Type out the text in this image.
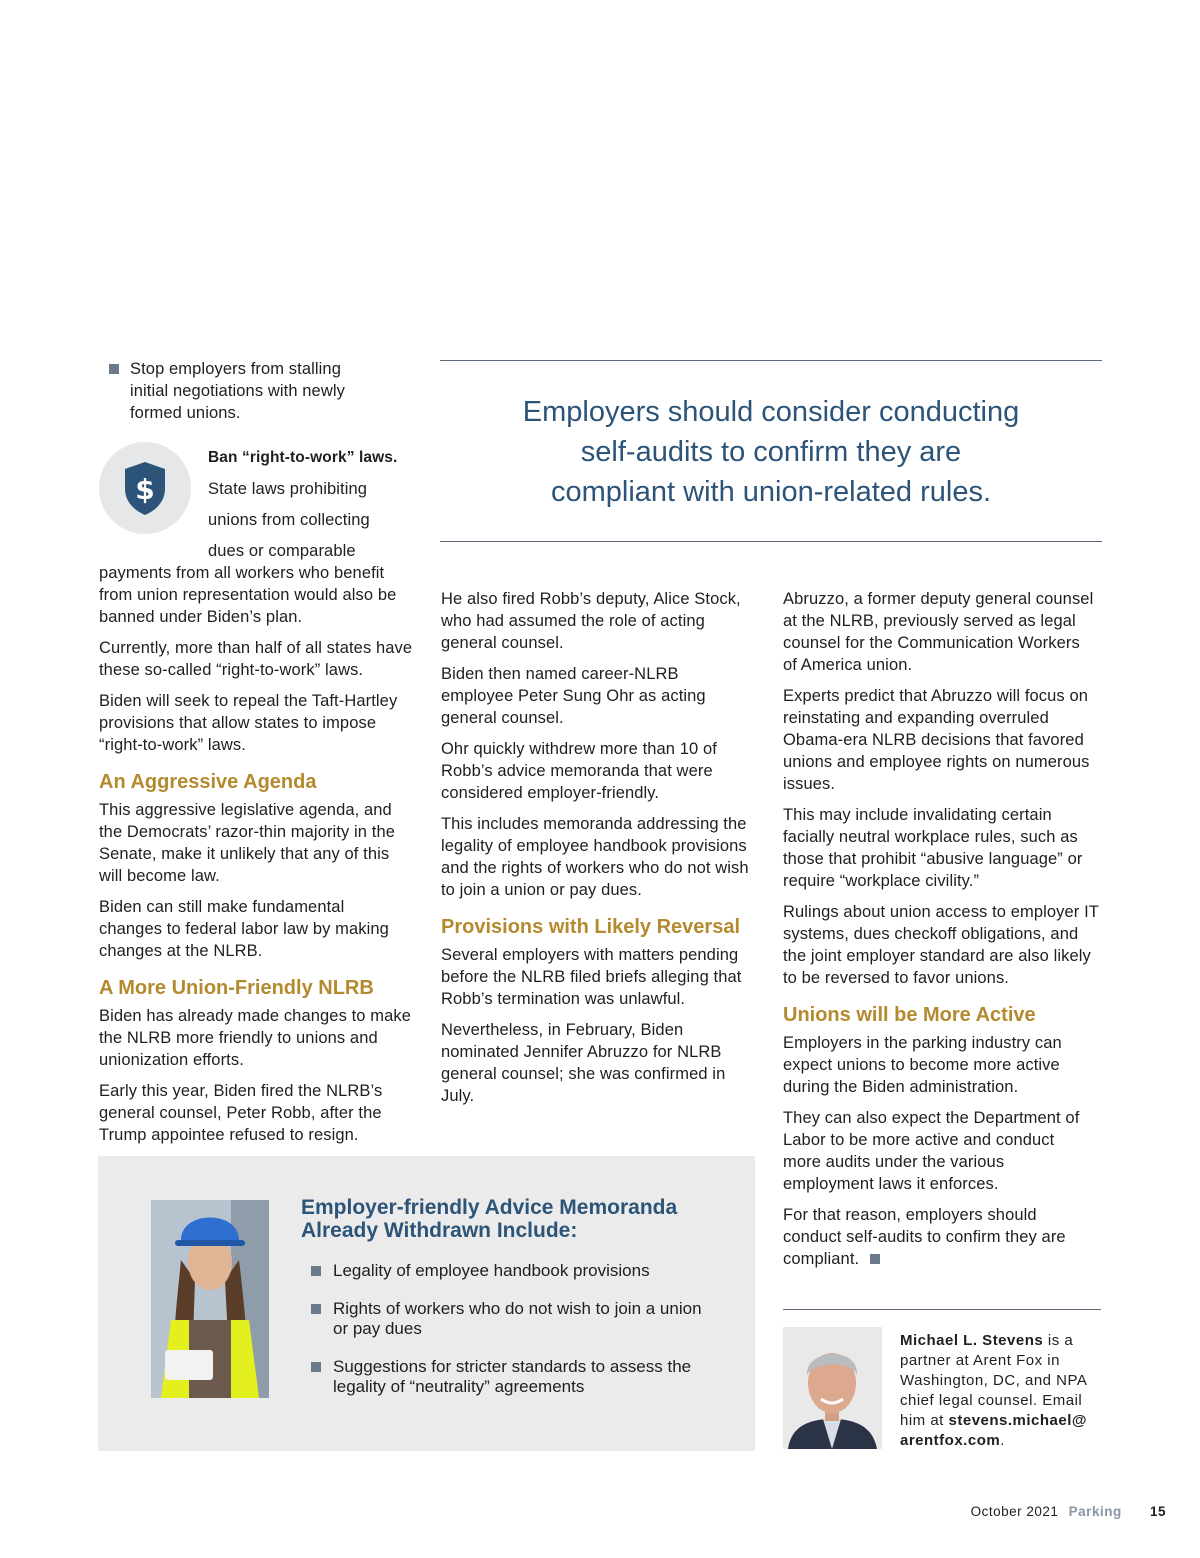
Stop employers from stalling initial negotiations with newly formed unions.

$

Ban “right-to-work” laws.

State laws prohibiting

unions from collecting

dues or comparable

payments from all workers who benefit from union representation would also be banned under Biden’s plan.

Currently, more than half of all states have these so-called “right-to-work” laws.

Biden will seek to repeal the Taft-Hartley provisions that allow states to impose “right-to-work” laws.

An Aggressive Agenda

This aggressive legislative agenda, and the Democrats’ razor-thin majority in the Senate, make it unlikely that any of this will become law.

Biden can still make fundamental changes to federal labor law by making changes at the NLRB.

A More Union-Friendly NLRB

Biden has already made changes to make the NLRB more friendly to unions and unionization efforts.

Early this year, Biden fired the NLRB’s general counsel, Peter Robb, after the Trump appointee refused to resign.

Employers should consider conducting
self-audits to confirm they are
compliant with union-related rules.

He also fired Robb’s deputy, Alice Stock, who had assumed the role of acting general counsel.

Biden then named career-NLRB employee Peter Sung Ohr as acting general counsel.

Ohr quickly withdrew more than 10 of Robb’s advice memoranda that were considered employer-friendly.

This includes memoranda addressing the legality of employee handbook provisions and the rights of workers who do not wish to join a union or pay dues.

Provisions with Likely Reversal

Several employers with matters pending before the NLRB filed briefs alleging that Robb’s termination was unlawful.

Nevertheless, in February, Biden nominated Jennifer Abruzzo for NLRB general counsel; she was confirmed in July.

Abruzzo, a former deputy general counsel at the NLRB, previously served as legal counsel for the Communication Workers of America union.

Experts predict that Abruzzo will focus on reinstating and expanding overruled Obama-era NLRB decisions that favored unions and employee rights on numerous issues.

This may include invalidating certain facially neutral workplace rules, such as those that prohibit “abusive language” or require “workplace civility.”

Rulings about union access to employer IT systems, dues checkoff obligations, and the joint employer standard are also likely to be reversed to favor unions.

Unions will be More Active

Employers in the parking industry can expect unions to become more active during the Biden administration.

They can also expect the Department of Labor to be more active and conduct more audits under the various employment laws it enforces.

For that reason, employers should conduct self-audits to confirm they are compliant.

Employer-friendly Advice Memoranda
Already Withdrawn Include:
Legality of employee handbook provisions
Rights of workers who do not wish to join a union or pay dues
Suggestions for stricter standards to assess the legality of “neutrality” agreements
Michael L. Stevens is a partner at Arent Fox in Washington, DC, and NPA chief legal counsel. Email him at stevens.michael@arentfox.com.
October 2021 Parking 15
